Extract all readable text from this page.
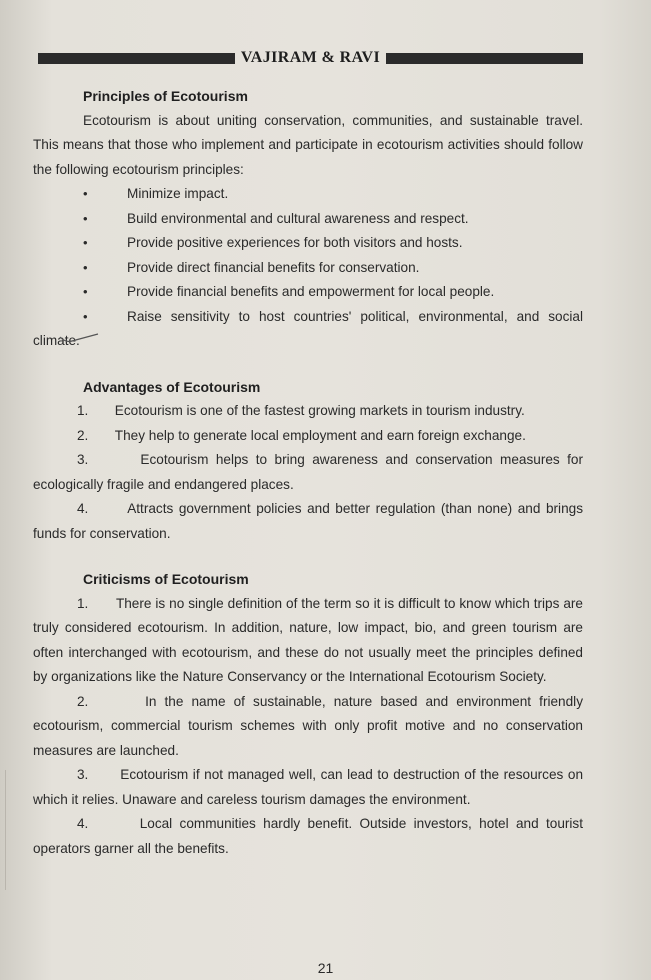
VAJIRAM & RAVI
Principles of Ecotourism

Ecotourism is about uniting conservation, communities, and sustainable travel. This means that those who implement and participate in ecotourism activities should follow the following ecotourism principles:

• Minimize impact.
• Build environmental and cultural awareness and respect.
• Provide positive experiences for both visitors and hosts.
• Provide direct financial benefits for conservation.
• Provide financial benefits and empowerment for local people.
• Raise sensitivity to host countries' political, environmental, and social climate.
Advantages of Ecotourism

1. Ecotourism is one of the fastest growing markets in tourism industry.

2. They help to generate local employment and earn foreign exchange.

3.	Ecotourism helps to bring awareness and conservation measures for ecologically fragile and endangered places.

4.	Attracts government policies and better regulation (than none) and brings funds for conservation.

Criticisms of Ecotourism

1. There is no single definition of the term so it is difficult to know which trips are truly considered ecotourism. In addition, nature, low impact, bio, and green tourism are often interchanged with ecotourism, and these do not usually meet the principles defined by organizations like the Nature Conservancy or the International Ecotourism Society.

2.	In the name of sustainable, nature based and environment friendly ecotourism, commercial tourism schemes with only profit motive and no conservation measures are launched.

3. Ecotourism if not managed well, can lead to destruction of the resources on which it relies. Unaware and careless tourism damages the environment.

4.	Local communities hardly benefit. Outside investors, hotel and tourist operators garner all the benefits.

21
